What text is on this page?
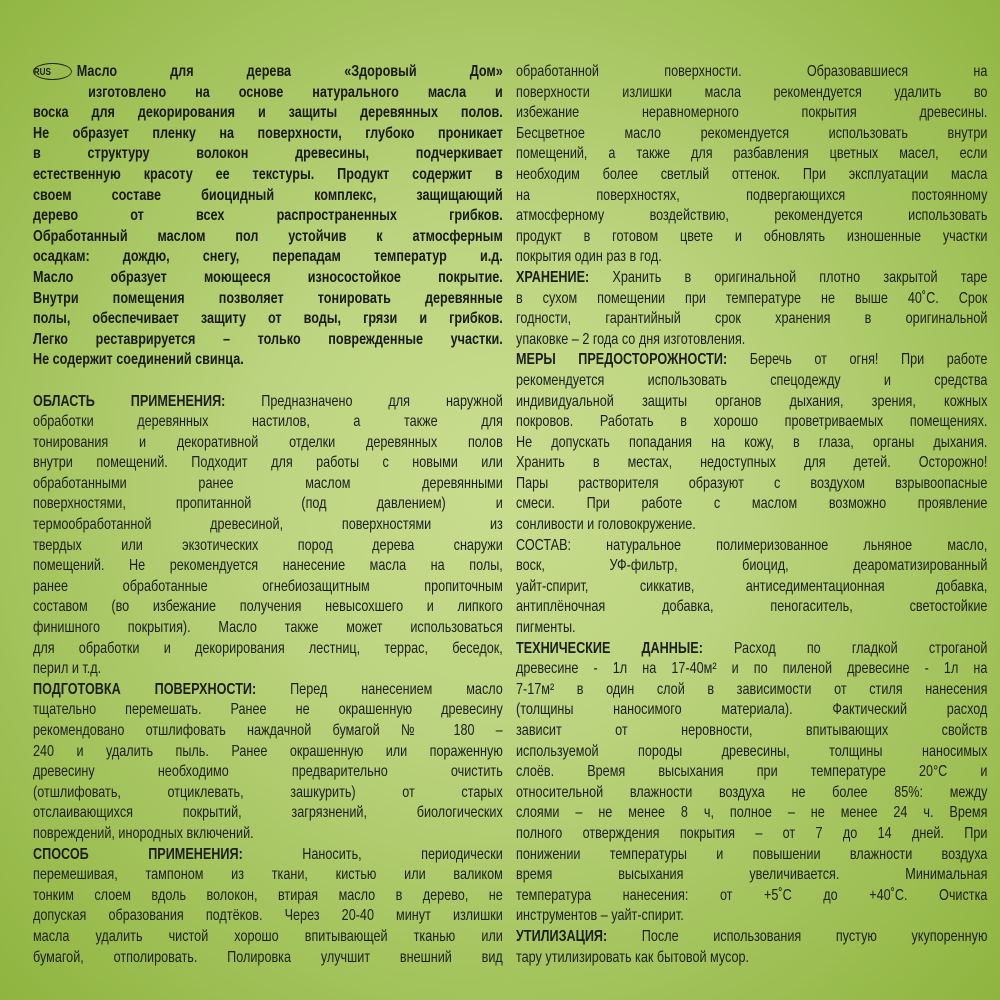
RUS Масло для дерева «Здоровый Дом»
изготовлено на основе натурального масла и
воска для декорирования и защиты деревянных полов.
Не образует пленку на поверхности, глубоко проникает
в структуру волокон древесины, подчеркивает
естественную красоту ее текстуры. Продукт содержит в
своем составе биоцидный комплекс, защищающий
дерево от всех распространенных грибков.
Обработанный маслом пол устойчив к атмосферным
осадкам: дождю, снегу, перепадам температур и.д.
Масло образует моющееся износостойкое покрытие.
Внутри помещения позволяет тонировать деревянные
полы, обеспечивает защиту от воды, грязи и грибков.
Легко реставрируется – только поврежденные участки.
Не содержит соединений свинца.
ОБЛАСТЬ ПРИМЕНЕНИЯ: Предназначено для наружной
обработки деревянных настилов, а также для
тонирования и декоративной отделки деревянных полов
внутри помещений. Подходит для работы с новыми или
обработанными ранее маслом деревянными
поверхностями, пропитанной (под давлением) и
термообработанной древесиной, поверхностями из
твердых или экзотических пород дерева снаружи
помещений. Не рекомендуется нанесение масла на полы,
ранее обработанные огнебиозащитным пропиточным
составом (во избежание получения невысохшего и липкого
финишного покрытия). Масло также может использоваться
для обработки и декорирования лестниц, террас, беседок,
перил и т.д.
ПОДГОТОВКА ПОВЕРХНОСТИ: Перед нанесением масло
тщательно перемешать. Ранее не окрашенную древесину
рекомендовано отшлифовать наждачной бумагой № 180 –
240 и удалить пыль. Ранее окрашенную или пораженную
древесину необходимо предварительно очистить
(отшлифовать, отциклевать, зашкурить) от старых
отслаивающихся покрытий, загрязнений, биологических
повреждений, инородных включений.
СПОСОБ ПРИМЕНЕНИЯ: Наносить, периодически
перемешивая, тампоном из ткани, кистью или валиком
тонким слоем вдоль волокон, втирая масло в дерево, не
допуская образования подтёков. Через 20-40 минут излишки
масла удалить чистой хорошо впитывающей тканью или
бумагой, отполировать. Полировка улучшит внешний вид
обработанной поверхности. Образовавшиеся на
поверхности излишки масла рекомендуется удалить во
избежание неравномерного покрытия древесины.
Бесцветное масло рекомендуется использовать внутри
помещений, а также для разбавления цветных масел, если
необходим более светлый оттенок. При эксплуатации масла
на поверхностях, подвергающихся постоянному
атмосферному воздействию, рекомендуется использовать
продукт в готовом цвете и обновлять изношенные участки
покрытия один раз в год.
ХРАНЕНИЕ: Хранить в оригинальной плотно закрытой таре
в сухом помещении при температуре не выше 40˚С. Срок
годности, гарантийный срок хранения в оригинальной
упаковке – 2 года со дня изготовления.
МЕРЫ ПРЕДОСТОРОЖНОСТИ: Беречь от огня! При работе
рекомендуется использовать спецодежду и средства
индивидуальной защиты органов дыхания, зрения, кожных
покровов. Работать в хорошо проветриваемых помещениях.
Не допускать попадания на кожу, в глаза, органы дыхания.
Хранить в местах, недоступных для детей. Осторожно!
Пары растворителя образуют с воздухом взрывоопасные
смеси. При работе с маслом возможно проявление
сонливости и головокружение.
СОСТАВ: натуральное полимеризованное льняное масло,
воск, УФ-фильтр, биоцид, деароматизированный
уайт-спирит, сиккатив, антиседиментационная добавка,
антиплёночная добавка, пеногаситель, светостойкие
пигменты.
ТЕХНИЧЕСКИЕ ДАННЫЕ: Расход по гладкой строганой
древесине - 1л на 17-40м² и по пиленой древесине - 1л на
7-17м² в один слой в зависимости от стиля нанесения
(толщины наносимого материала). Фактический расход
зависит от неровности, впитывающих свойств
используемой породы древесины, толщины наносимых
слоёв. Время высыхания при температуре 20°С и
относительной влажности воздуха не более 85%: между
слоями – не менее 8 ч, полное – не менее 24 ч. Время
полного отверждения покрытия – от 7 до 14 дней. При
понижении температуры и повышении влажности воздуха
время высыхания увеличивается. Минимальная
температура нанесения: от +5˚С до +40˚С. Очистка
инструментов – уайт-спирит.
УТИЛИЗАЦИЯ: После использования пустую укупоренную
тару утилизировать как бытовой мусор.
